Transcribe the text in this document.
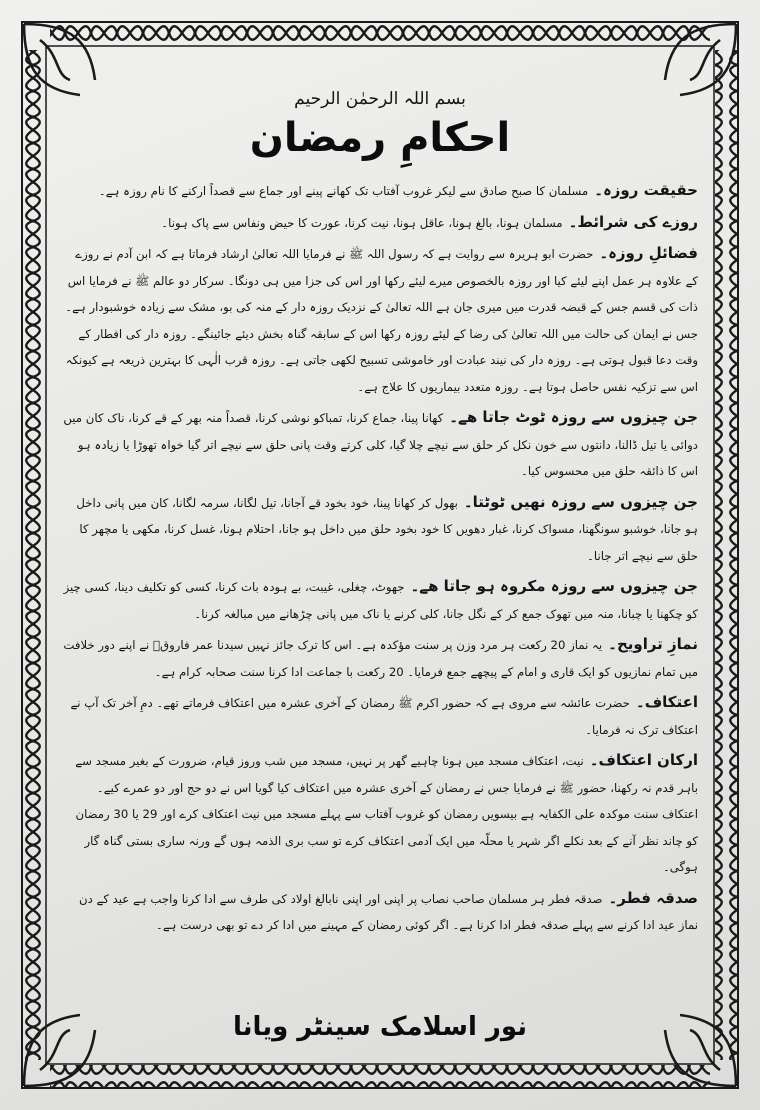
بسم اللہ الرحمٰن الرحیم
احکامِ رمضان

حقیقت روزہ۔مسلمان کا صبح صادق سے لیکر غروب آفتاب تک کھانے پینے اور جماع سے قصداً ارکنے کا نام روزہ ہے۔

روزے کی شرائط۔مسلمان ہونا، بالغ ہونا، عاقل ہونا، نیت کرنا، عورت کا حیض ونفاس سے پاک ہونا۔

فضائلِ روزہ۔حضرت ابو ہریرہ سے روایت ہے کہ رسول اللہ ﷺ نے فرمایا اللہ تعالیٰ ارشاد فرماتا ہے کہ ابن آدم نے روزے کے علاوہ ہر عمل اپنے لیئے کیا اور روزہ بالخصوص میرے لیئے رکھا اور اس کی جزا میں ہی دونگا۔ سرکار دو عالم ﷺ نے فرمایا اس ذات کی قسم جس کے قبضہ قدرت میں میری جان ہے اللہ تعالیٰ کے نزدیک روزہ دار کے منہ کی بو، مشک سے زیادہ خوشبودار ہے۔ جس نے ایمان کی حالت میں اللہ تعالیٰ کی رضا کے لیئے روزہ رکھا اس کے سابقہ گناہ بخش دیئے جائینگے۔ روزہ دار کی افطار کے وقت دعا قبول ہوتی ہے۔ روزہ دار کی نیند عبادت اور خاموشی تسبیح لکھی جاتی ہے۔ روزہ قرب الٰہی کا بہترین ذریعہ ہے کیونکہ اس سے تزکیہ نفس حاصل ہوتا ہے۔ روزہ متعدد بیماریوں کا علاج ہے۔

جن چیزوں سے روزہ ٹوٹ جاتا ھے۔کھانا پینا، جماع کرنا، تمباکو نوشی کرنا، قصداً منہ بھر کے قے کرنا، ناک کان میں دوائی یا تیل ڈالنا، دانتوں سے خون نکل کر حلق سے نیچے چلا گیا، کلی کرتے وقت پانی حلق سے نیچے اتر گیا خواہ تھوڑا یا زیادہ ہو اس کا ذائقہ حلق میں محسوس کیا۔

جن چیزوں سے روزہ نھیں ٹوٹتا۔بھول کر کھانا پینا، خود بخود قے آجانا، تیل لگانا، سرمہ لگانا، کان میں پانی داخل ہو جانا، خوشبو سونگھنا، مسواک کرنا، غبار دھویں کا خود بخود حلق میں داخل ہو جانا، احتلام ہونا، غسل کرنا، مکھی یا مچھر کا حلق سے نیچے اتر جانا۔

جن چیزوں سے روزہ مکروہ ہو جاتا ھے۔جھوٹ، چغلی، غیبت، بے ہودہ بات کرنا، کسی کو تکلیف دینا، کسی چیز کو چکھنا یا چبانا، منہ میں تھوک جمع کر کے نگل جانا، کلی کرنے یا ناک میں پانی چڑھانے میں مبالغہ کرنا۔

نمازِ تراویح۔یہ نماز 20 رکعت ہر مرد وزن پر سنت مؤکدہ ہے۔ اس کا ترک جائز نہیں سیدنا عمر فاروقؓ نے اپنے دور خلافت میں تمام نمازیوں کو ایک قاری و امام کے پیچھے جمع فرمایا۔ 20 رکعت با جماعت ادا کرنا سنت صحابہ کرام ہے۔

اعتکاف۔حضرت عائشہ سے مروی ہے کہ حضور اکرم ﷺ رمضان کے آخری عشرہ میں اعتکاف فرماتے تھے۔ دمِ آخر تک آپ نے اعتکاف ترک نہ فرمایا۔

ارکان اعتکاف۔نیت، اعتکاف مسجد میں ہونا چاہیے گھر پر نہیں، مسجد میں شب وروز قیام، ضرورت کے بغیر مسجد سے باہر قدم نہ رکھنا، حضور ﷺ نے فرمایا جس نے رمضان کے آخری عشرہ میں اعتکاف کیا گویا اس نے دو حج اور دو عمرے کیے۔ اعتکاف سنت موکدہ علی الکفایہ ہے بیسویں رمضان کو غروب آفتاب سے پہلے مسجد میں نیت اعتکاف کرے اور 29 یا 30 رمضان کو چاند نظر آنے کے بعد نکلے اگر شہر یا محلّہ میں ایک آدمی اعتکاف کرے تو سب بری الذمہ ہوں گے ورنہ ساری بستی گناہ گار ہوگی۔

صدقہ فطر۔صدقہ فطر ہر مسلمان صاحب نصاب پر اپنی اور اپنی نابالغ اولاد کی طرف سے ادا کرنا واجب ہے عید کے دن نماز عید ادا کرنے سے پہلے صدقہ فطر ادا کرنا ہے۔ اگر کوئی رمضان کے مہینے میں ادا کر دے تو بھی درست ہے۔

نور اسلامک سینٹر ویانا
